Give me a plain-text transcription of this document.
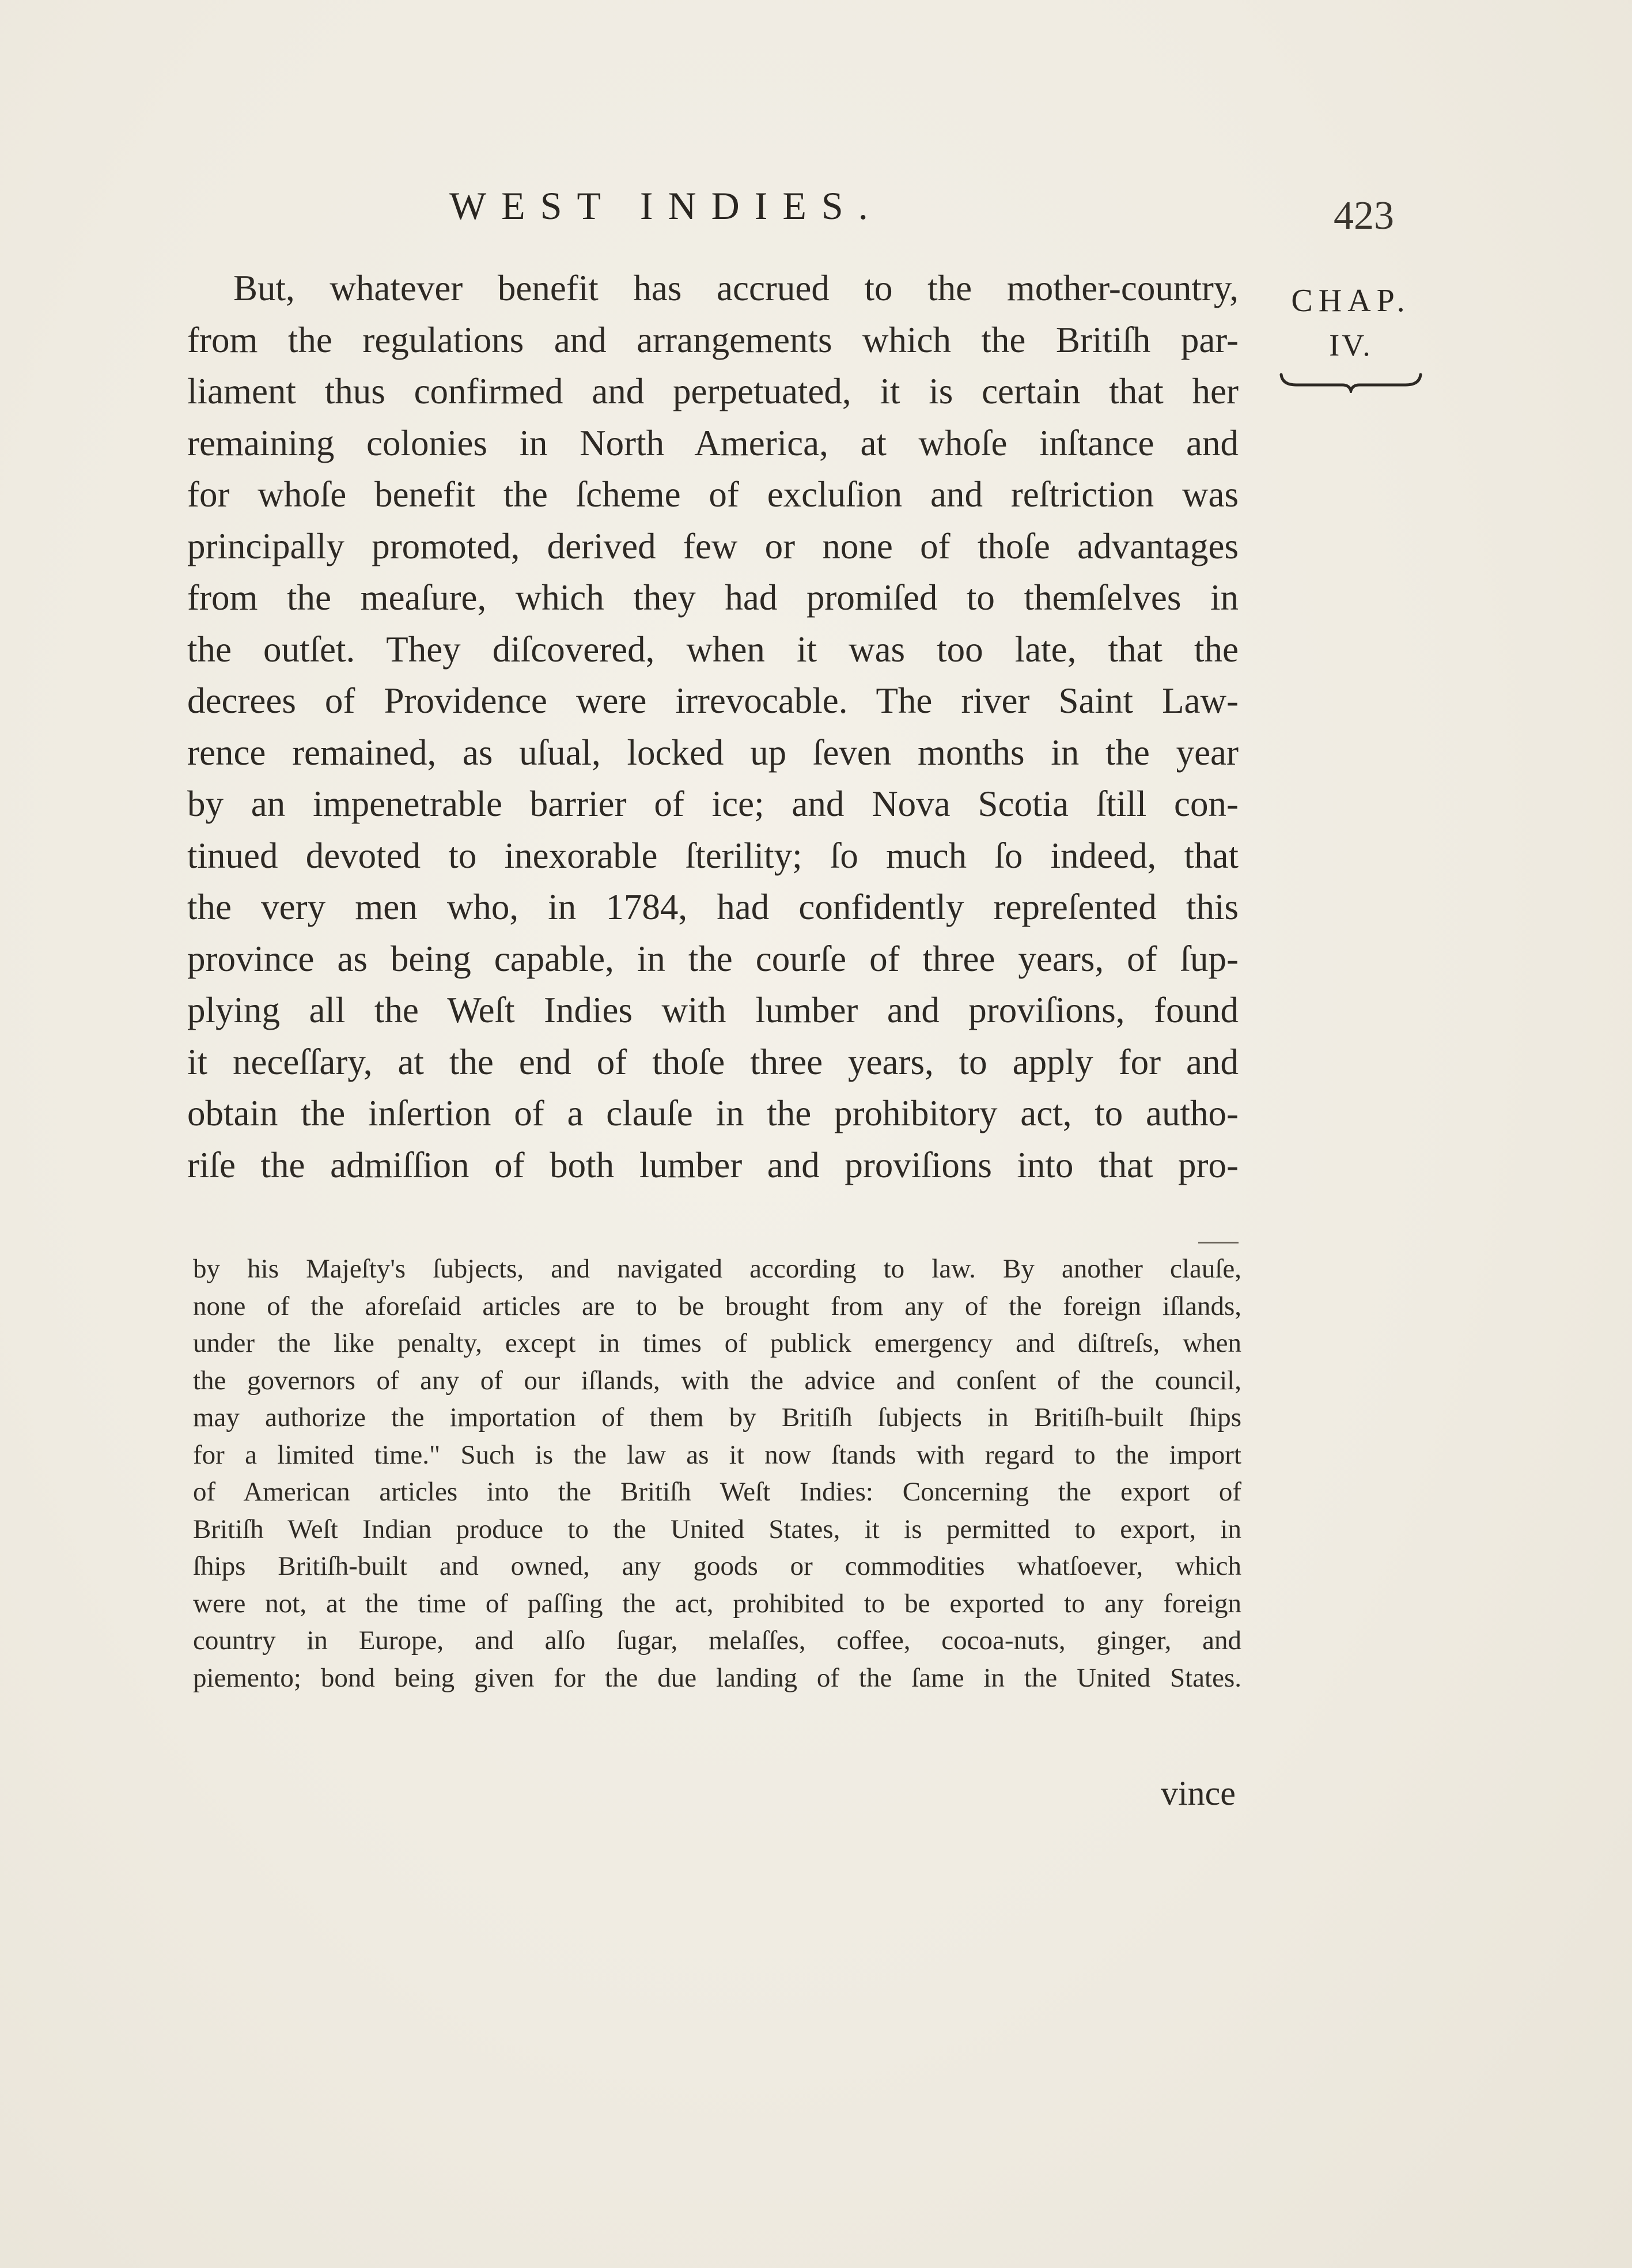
WEST INDIES.	423
CHAP.
IV.
But, whatever benefit has accrued to the mother-country,
from the regulations and arrangements which the Britiſh par-
liament thus confirmed and perpetuated, it is certain that her
remaining colonies in North America, at whoſe inſtance and
for whoſe benefit the ſcheme of excluſion and reſtriction was
principally promoted, derived few or none of thoſe advantages
from the meaſure, which they had promiſed to themſelves in
the outſet. They diſcovered, when it was too late, that the
decrees of Providence were irrevocable. The river Saint Law-
rence remained, as uſual, locked up ſeven months in the year
by an impenetrable barrier of ice; and Nova Scotia ſtill con-
tinued devoted to inexorable ſterility; ſo much ſo indeed, that
the very men who, in 1784, had confidently repreſented this
province as being capable, in the courſe of three years, of ſup-
plying all the Weſt Indies with lumber and proviſions, found
it neceſſary, at the end of thoſe three years, to apply for and
obtain the inſertion of a clauſe in the prohibitory act, to autho-
riſe the admiſſion of both lumber and proviſions into that pro-
by his Majeſty's ſubjects, and navigated according to law. By another clauſe,
none of the aforeſaid articles are to be brought from any of the foreign iſlands,
under the like penalty, except in times of publick emergency and diſtreſs, when
the governors of any of our iſlands, with the advice and conſent of the council,
may authorize the importation of them by Britiſh ſubjects in Britiſh-built ſhips
for a limited time." Such is the law as it now ſtands with regard to the import
of American articles into the Britiſh Weſt Indies: Concerning the export of
Britiſh Weſt Indian produce to the United States, it is permitted to export, in
ſhips Britiſh-built and owned, any goods or commodities whatſoever, which
were not, at the time of paſſing the act, prohibited to be exported to any foreign
country in Europe, and alſo ſugar, melaſſes, coffee, cocoa-nuts, ginger, and
piemento; bond being given for the due landing of the ſame in the United States.
vince
